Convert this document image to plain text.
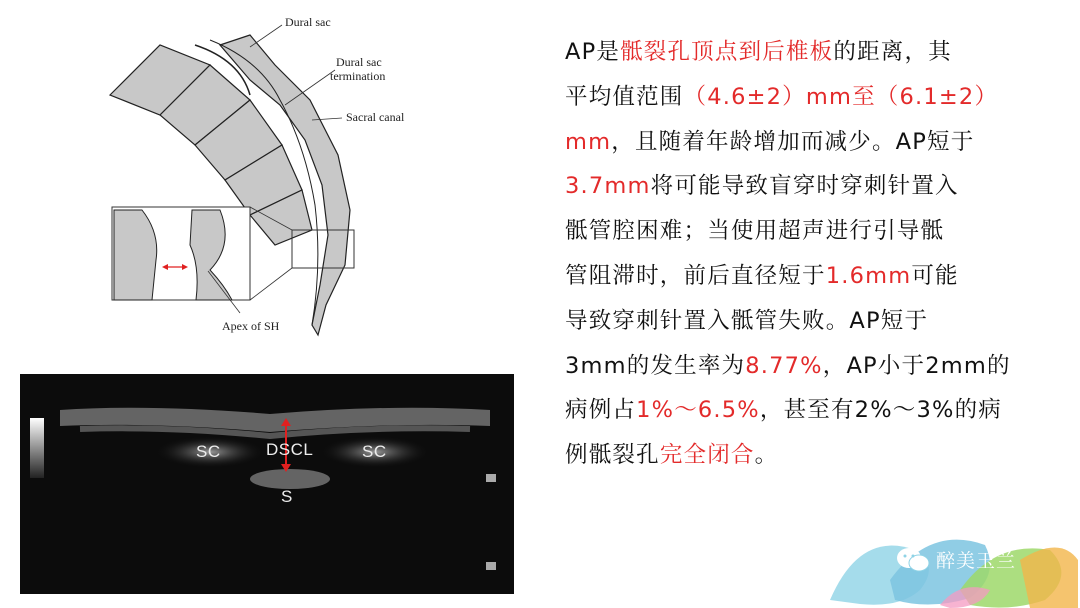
Dural sac
Dural sac
termination
Sacral canal
Apex of SH
SC	DSCL	SC
S
AP是骶裂孔顶点到后椎板的距离，其
平均值范围（4.6±2）mm至（6.1±2）
mm，且随着年龄增加而减少。AP短于
3.7mm将可能导致盲穿时穿刺针置入
骶管腔困难；当使用超声进行引导骶
管阻滞时，前后直径短于1.6mm可能
导致穿刺针置入骶管失败。AP短于
3mm的发生率为8.77%，AP小于2mm的
病例占1%～6.5%，甚至有2%～3%的病
例骶裂孔完全闭合。
醉美玉兰
